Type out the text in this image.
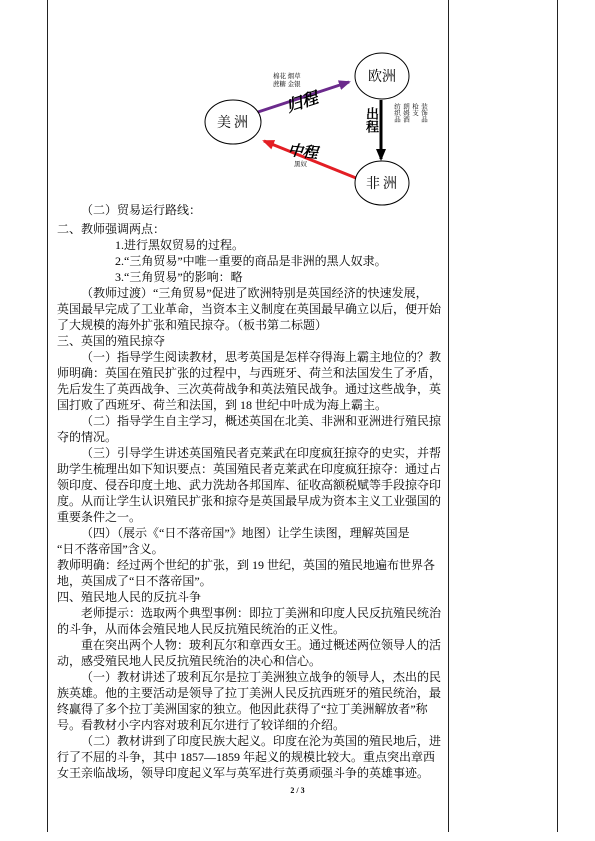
欧洲
美洲
非洲
棉花 烟草
蔗糖 金银
归程
出程	纺织品 朗姆酒 枪支 装饰品
中程
黑奴
（二）贸易运行路线：
二、教师强调两点：
1.进行黑奴贸易的过程。
2.“三角贸易”中唯一重要的商品是非洲的黑人奴隶。
3.“三角贸易”的影响：略
（教师过渡）“三角贸易”促进了欧洲特别是英国经济的快速发展，
英国最早完成了工业革命，当资本主义制度在英国最早确立以后，便开始
了大规模的海外扩张和殖民掠夺。（板书第二标题）
三、英国的殖民掠夺
（一）指导学生阅读教材，思考英国是怎样夺得海上霸主地位的？教
师明确：英国在殖民扩张的过程中，与西班牙、荷兰和法国发生了矛盾，
先后发生了英西战争、三次英荷战争和英法殖民战争。通过这些战争，英
国打败了西班牙、荷兰和法国，到 18 世纪中叶成为海上霸主。
（二）指导学生自主学习，概述英国在北美、非洲和亚洲进行殖民掠
夺的情况。
（三）引导学生讲述英国殖民者克莱武在印度疯狂掠夺的史实，并帮
助学生梳理出如下知识要点：英国殖民者克莱武在印度疯狂掠夺：通过占
领印度、侵吞印度土地、武力洗劫各邦国库、征收高额税赋等手段掠夺印
度。从而让学生认识殖民扩张和掠夺是英国最早成为资本主义工业强国的
重要条件之一。
（四）（展示《“日不落帝国”》地图）让学生读图，理解英国是
“日不落帝国”含义。
教师明确：经过两个世纪的扩张，到 19 世纪，英国的殖民地遍布世界各
地，英国成了“日不落帝国”。
四、殖民地人民的反抗斗争
老师提示：选取两个典型事例：即拉丁美洲和印度人民反抗殖民统治
的斗争，从而体会殖民地人民反抗殖民统治的正义性。
重在突出两个人物：玻利瓦尔和章西女王。通过概述两位领导人的活
动，感受殖民地人民反抗殖民统治的决心和信心。
（一）教材讲述了玻利瓦尔是拉丁美洲独立战争的领导人，杰出的民
族英雄。他的主要活动是领导了拉丁美洲人民反抗西班牙的殖民统治，最
终赢得了多个拉丁美洲国家的独立。他因此获得了“拉丁美洲解放者”称
号。看教材小字内容对玻利瓦尔进行了较详细的介绍。
（二）教材讲到了印度民族大起义。印度在沦为英国的殖民地后，进
行了不屈的斗争，其中 1857—1859 年起义的规模比较大。重点突出章西
女王亲临战场，领导印度起义军与英军进行英勇顽强斗争的英雄事迹。
2 / 3
